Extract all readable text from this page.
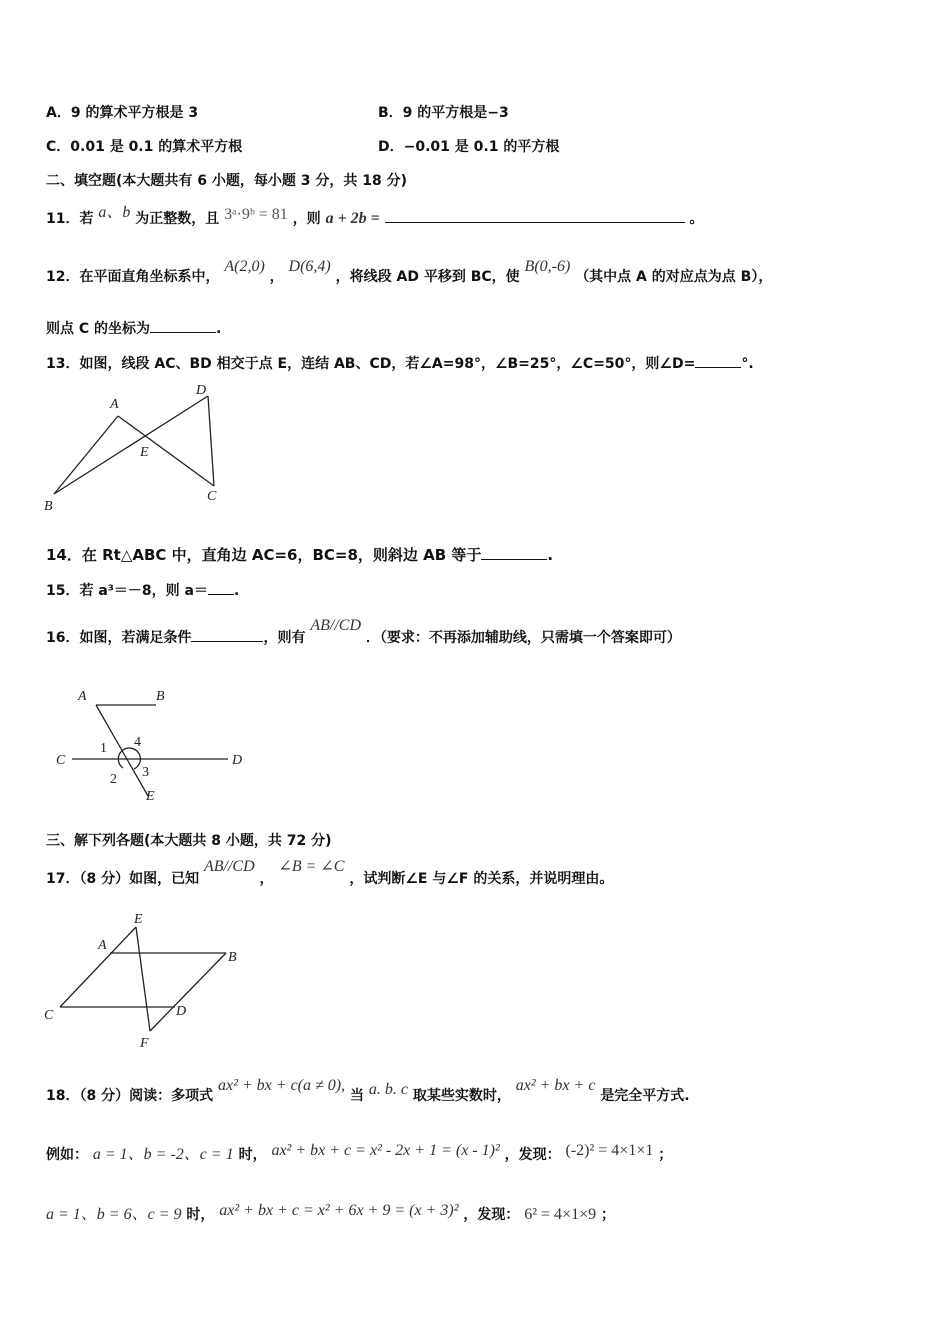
A．9 的算术平方根是 3	B．9 的平方根是−3
C．0.01 是 0.1 的算术平方根	D．−0.01 是 0.1 的平方根
二、填空题(本大题共有 6 小题，每小题 3 分，共 18 分)
11．若 a、b 为正整数，且 3ᵃ·9ᵇ = 81 ，则 a + 2b =	。
12．在平面直角坐标系中， A(2,0) ， D(6,4) ，将线段 AD 平移到 BC，使 B(0,-6) （其中点 A 的对应点为点 B），
则点 C 的坐标为	.
13．如图，线段 AC、BD 相交于点 E，连结 AB、CD，若∠A=98°，∠B=25°，∠C=50°，则∠D=	°.
A
B
C
D
E
14．在 Rt△ABC 中，直角边 AC=6，BC=8，则斜边 AB 等于	.
15．若 a³＝－8，则 a＝ .
16．如图，若满足条件	，则有 AB//CD ．（要求：不再添加辅助线，只需填一个答案即可）
A	B
C	D
E
1
2 3
4
三、解下列各题(本大题共 8 小题，共 72 分)
17．（8 分）如图，已知 AB//CD ， ∠B = ∠C ，试判断∠E 与∠F 的关系，并说明理由。
A
B
C	D
E
F
18．（8 分）阅读：多项式 ax² + bx + c(a ≠ 0), 当 a. b. c 取某些实数时， ax² + bx + c 是完全平方式.
例如： a = 1、b = -2、c = 1 时， ax² + bx + c = x² - 2x + 1 = (x - 1)² ，发现： (-2)² = 4×1×1 ；
a = 1、b = 6、c = 9 时， ax² + bx + c = x² + 6x + 9 = (x + 3)² ，发现： 6² = 4×1×9 ；
